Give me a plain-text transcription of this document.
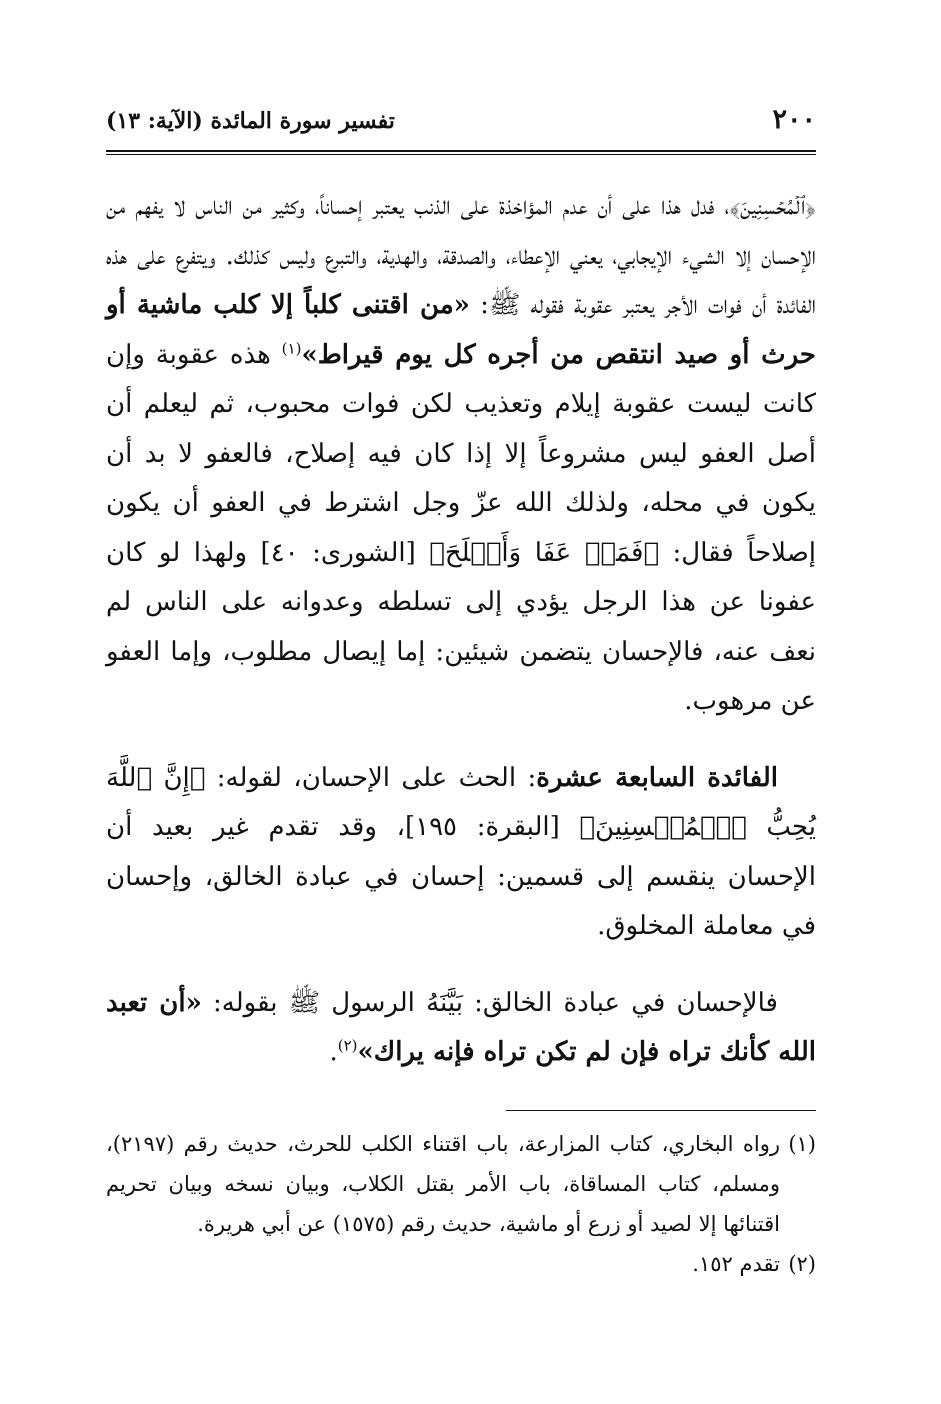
٢٠٠
تفسير سورة المائدة (الآية: ١٣)

﴿ٱلۡمُحۡسِنِينَ﴾، فدل هذا على أن عدم المؤاخذة على الذنب يعتبر إحساناً، وكثير من الناس لا يفهم من الإحسان إلا الشيء الإيجابي، يعني الإعطاء، والصدقة، والهدية، والتبرع وليس كذلك. ويتفرع على هذه الفائدة أن فوات الأجر يعتبر عقوبة فقوله ﷺ: «من اقتنى كلباً إلا كلب ماشية أو حرث أو صيد انتقص من أجره كل يوم قيراط»$^{(١)}$ هذه عقوبة وإن كانت ليست عقوبة إيلام وتعذيب لكن فوات محبوب، ثم ليعلم أن أصل العفو ليس مشروعاً إلا إذا كان فيه إصلاح، فالعفو لا بد أن يكون في محله، ولذلك الله عزّ وجل اشترط في العفو أن يكون إصلاحاً فقال: ﴿فَمَنۡ عَفَا وَأَصۡلَحَ﴾ [الشورى: ٤٠] ولهذا لو كان عفونا عن هذا الرجل يؤدي إلى تسلطه وعدوانه على الناس لم نعف عنه، فالإحسان يتضمن شيئين: إما إيصال مطلوب، وإما العفو عن مرهوب.

الفائدة السابعة عشرة: الحث على الإحسان، لقوله: ﴿إِنَّ ٱللَّهَ يُحِبُّ ٱلۡمُحۡسِنِينَ﴾ [البقرة: ١٩٥]، وقد تقدم غير بعيد أن الإحسان ينقسم إلى قسمين: إحسان في عبادة الخالق، وإحسان في معاملة المخلوق.

فالإحسان في عبادة الخالق: بَيَّنَهُ الرسول ﷺ بقوله: «أن تعبد الله كأنك تراه فإن لم تكن تراه فإنه يراك»$^{(٢)}$.

(١)
رواه البخاري، كتاب المزارعة، باب اقتناء الكلب للحرث، حديث رقم (٢١٩٧)، ومسلم، كتاب المساقاة، باب الأمر بقتل الكلاب، وبيان نسخه وبيان تحريم اقتنائها إلا لصيد أو زرع أو ماشية، حديث رقم (١٥٧٥) عن أبي هريرة.

(٢)
تقدم ١٥٢.
